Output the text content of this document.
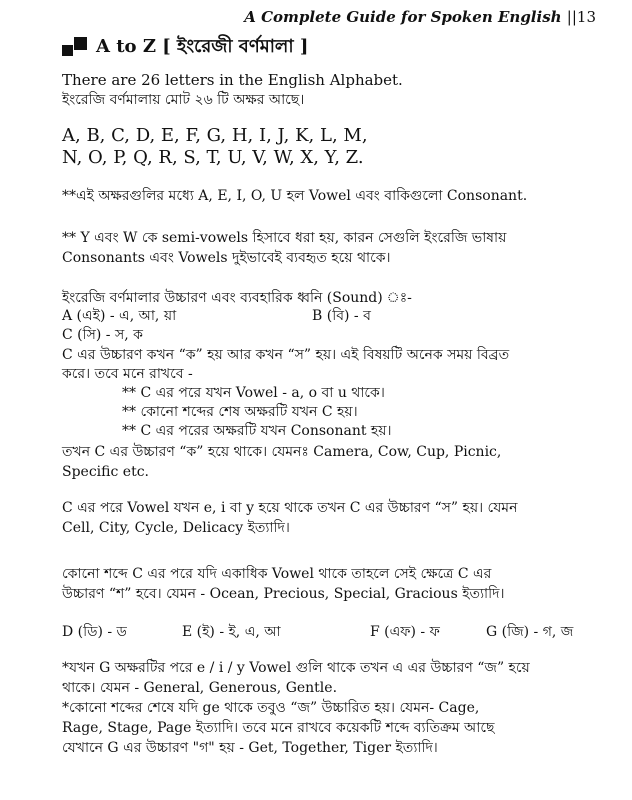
A Complete Guide for Spoken English ||13
A to Z [ ইংরেজী বর্ণমালা ]
There are 26 letters in the English Alphabet.
ইংরেজি বর্ণমালায় মোট ২৬ টি অক্ষর আছে।
A, B, C, D, E, F, G, H, I, J, K, L, M,
N, O, P, Q, R, S, T, U, V, W, X, Y, Z.
**এই অক্ষরগুলির মধ্যে A, E, I, O, U হল Vowel এবং বাকিগুলো Consonant.
** Y এবং W কে semi-vowels হিসাবে ধরা হয়, কারন সেগুলি ইংরেজি ভাষায়
Consonants এবং Vowels দুইভাবেই ব্যবহৃত হয়ে থাকে।
ইংরেজি বর্ণমালার উচ্চারণ এবং ব্যবহারিক ধ্বনি (Sound) ঃ-
A (এই) - এ, আ, য়া	B (বি) - ব
C (সি) - স, ক
C এর উচ্চারণ কখন “ক” হয় আর কখন “স” হয়। এই বিষয়টি অনেক সময় বিব্রত
করে। তবে মনে রাখবে -
** C এর পরে যখন Vowel - a, o বা u থাকে।
** কোনো শব্দের শেষ অক্ষরটি যখন C হয়।
** C এর পরের অক্ষরটি যখন Consonant হয়।
তখন C এর উচ্চারণ “ক” হয়ে থাকে। যেমনঃ Camera, Cow, Cup, Picnic,
Specific etc.
C এর পরে Vowel যখন e, i বা y হয়ে থাকে তখন C এর উচ্চারণ “স” হয়। যেমন
Cell, City, Cycle, Delicacy ইত্যাদি।
কোনো শব্দে C এর পরে যদি একাধিক Vowel থাকে তাহলে সেই ক্ষেত্রে C এর
উচ্চারণ “শ” হবে। যেমন - Ocean, Precious, Special, Gracious ইত্যাদি।
D (ডি) - ড	E (ই) - ই, এ, আ	F (এফ) - ফ	G (জি) - গ, জ
*যখন G অক্ষরটির পরে e / i / y Vowel গুলি থাকে তখন এ এর উচ্চারণ “জ” হয়ে
থাকে। যেমন - General, Generous, Gentle.
*কোনো শব্দের শেষে যদি ge থাকে তবুও “জ” উচ্চারিত হয়। যেমন- Cage,
Rage, Stage, Page ইত্যাদি। তবে মনে রাখবে কয়েকটি শব্দে ব্যতিক্রম আছে
যেখানে G এর উচ্চারণ "গ" হয় - Get, Together, Tiger ইত্যাদি।
